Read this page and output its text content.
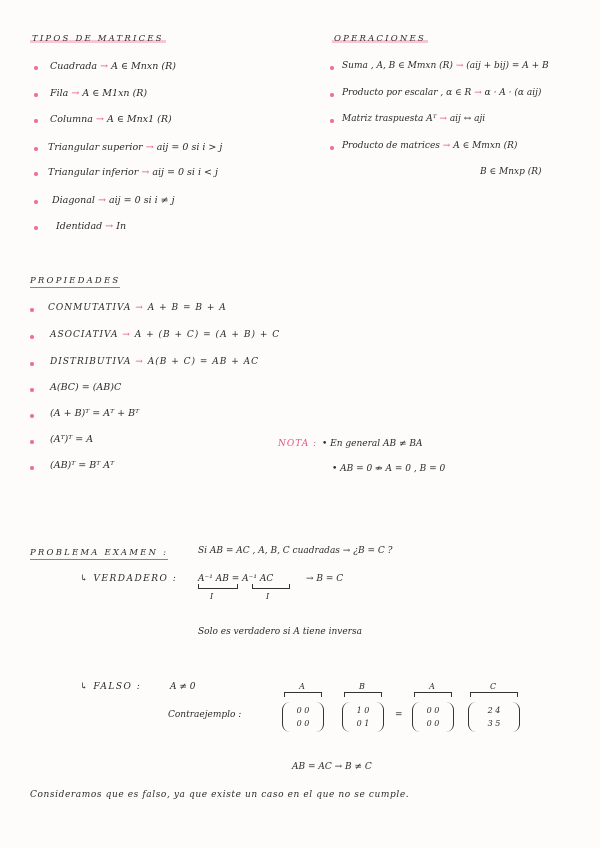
TIPOS DE MATRICES
Cuadrada → A ∈ Mnxn (R)
Fila → A ∈ M1xn (R)
Columna → A ∈ Mnx1 (R)
Triangular superior → aij = 0 si i > j
Triangular inferior → aij = 0 si i < j
Diagonal → aij = 0 si i ≠ j
Identidad → In
OPERACIONES
Suma , A, B ∈ Mmxn (R) → (aij + bij) = A + B
Producto por escalar , α ∈ R → α · A · (α aij)
Matriz traspuesta Aᵀ → aij ↔ aji
Producto de matrices → A ∈ Mmxn (R)
B ∈ Mnxp (R)
PROPIEDADES
CONMUTATIVA → A + B = B + A
ASOCIATIVA → A + (B + C) = (A + B) + C
DISTRIBUTIVA → A(B + C) = AB + AC
A(BC) = (AB)C
(A + B)ᵀ = Aᵀ + Bᵀ
(Aᵀ)ᵀ = A
(AB)ᵀ = Bᵀ Aᵀ
NOTA : • En general AB ≠ BA
• AB = 0 ⇏ A = 0 , B = 0
PROBLEMA EXAMEN :	Si AB = AC , A, B, C cuadradas → ¿B = C ?
↳ VERDADERO : A⁻¹ AB = A⁻¹ AC
I	I
→ B = C
Solo es verdadero si A tiene inversa
↳ FALSO :	A ≠ 0
Contraejemplo :
A
0 0
0 0
B
1 0
0 1
=
A
0 0
0 0
C
2 4
3 5
AB = AC → B ≠ C
Consideramos que es falso, ya que existe un caso en el que no se cumple.
